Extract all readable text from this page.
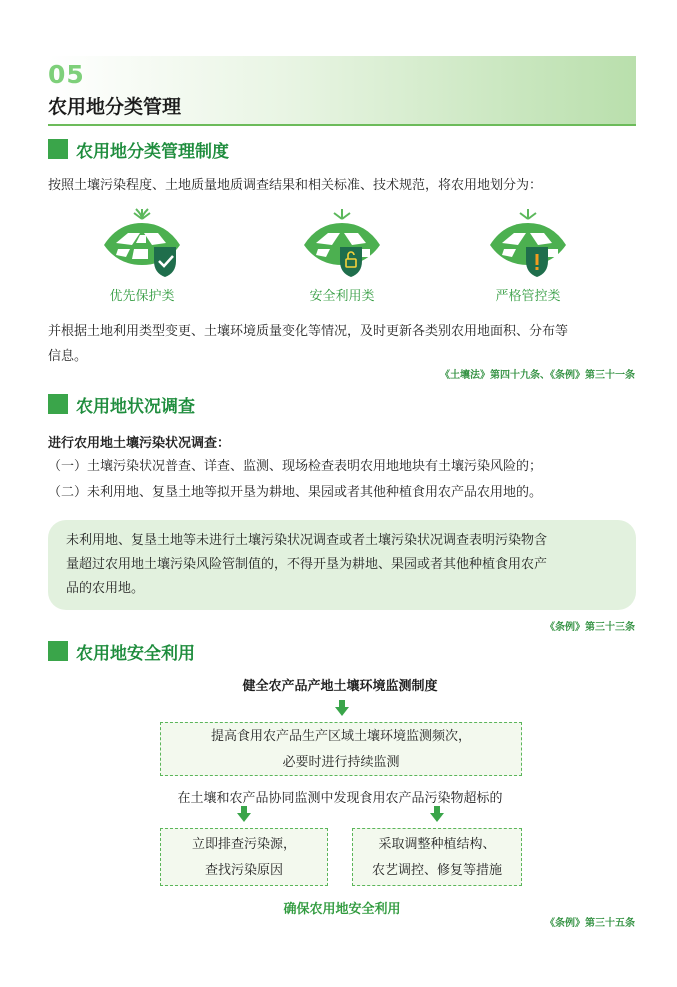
05
农用地分类管理
农用地分类管理制度
按照土壤污染程度、土地质量地质调查结果和相关标准、技术规范，将农用地划分为：
优先保护类	安全利用类	严格管控类
并根据土地利用类型变更、土壤环境质量变化等情况，及时更新各类别农用地面积、分布等
信息。
《土壤法》第四十九条、《条例》第三十一条
农用地状况调查
进行农用地土壤污染状况调查：
（一）土壤污染状况普查、详查、监测、现场检查表明农用地地块有土壤污染风险的；
（二）未利用地、复垦土地等拟开垦为耕地、果园或者其他种植食用农产品农用地的。
未利用地、复垦土地等未进行土壤污染状况调查或者土壤污染状况调查表明污染物含
量超过农用地土壤污染风险管制值的，不得开垦为耕地、果园或者其他种植食用农产
品的农用地。
《条例》第三十三条
农用地安全利用
健全农产品产地土壤环境监测制度
提高食用农产品生产区域土壤环境监测频次，
必要时进行持续监测
在土壤和农产品协同监测中发现食用农产品污染物超标的
立即排查污染源，
查找污染原因
采取调整种植结构、
农艺调控、修复等措施
确保农用地安全利用
《条例》第三十五条
